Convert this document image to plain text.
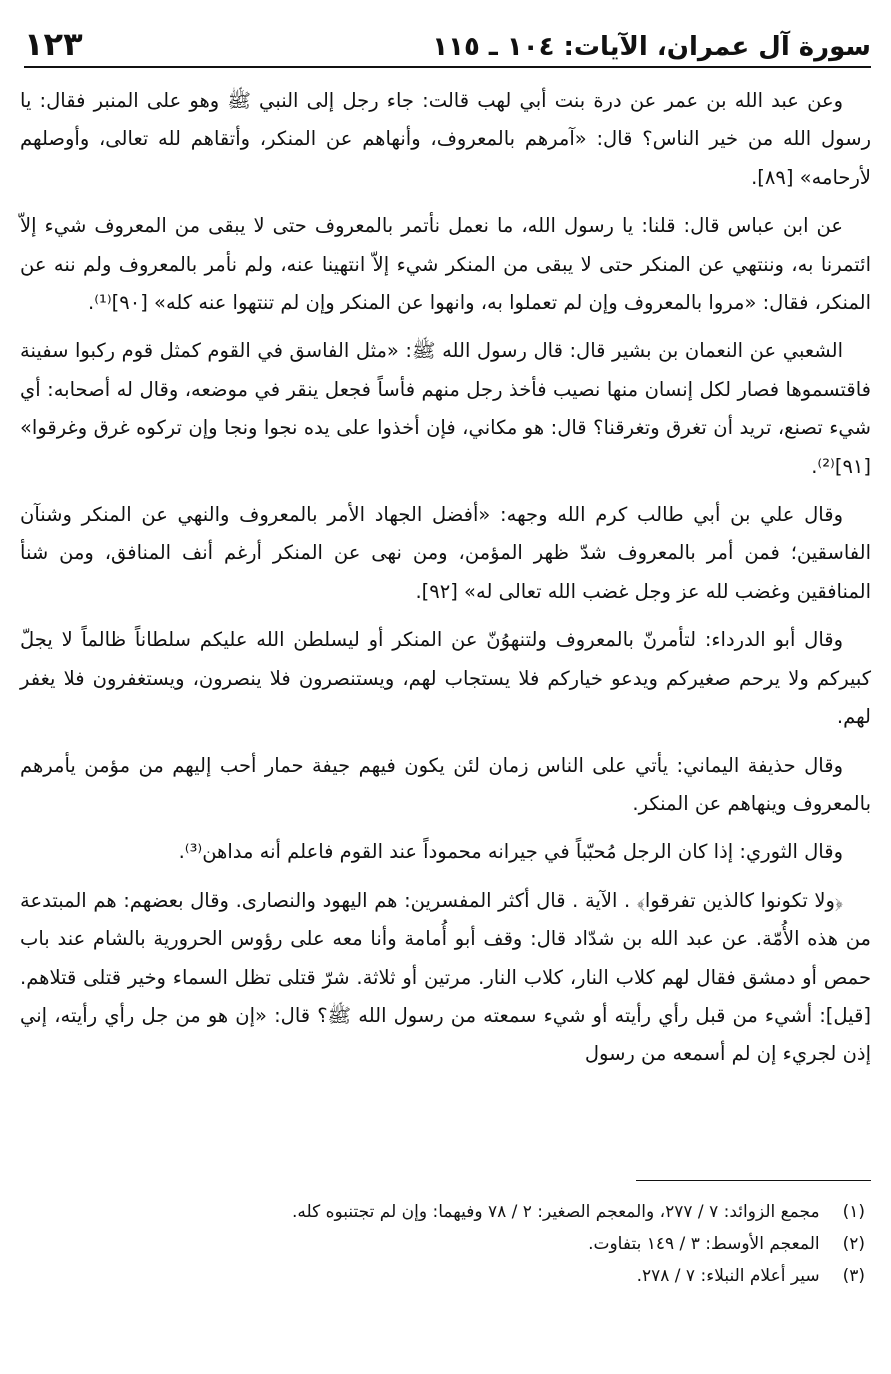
سورة آل عمران، الآيات: ١٠٤ ـ ١١٥
١٢٣

وعن عبد الله بن عمر عن درة بنت أبي لهب قالت: جاء رجل إلى النبي ﷺ وهو على المنبر فقال: يا رسول الله من خير الناس؟ قال: «آمرهم بالمعروف، وأنهاهم عن المنكر، وأتقاهم لله تعالى، وأوصلهم لأرحامه» [٨٩].

عن ابن عباس قال: قلنا: يا رسول الله، ما نعمل نأتمر بالمعروف حتى لا يبقى من المعروف شيء إلاّ ائتمرنا به، وننتهي عن المنكر حتى لا يبقى من المنكر شيء إلاّ انتهينا عنه، ولم نأمر بالمعروف ولم ننه عن المنكر، فقال: «مروا بالمعروف وإن لم تعملوا به، وانهوا عن المنكر وإن لم تنتهوا عنه كله» [٩٠]⁽¹⁾.

الشعبي عن النعمان بن بشير قال: قال رسول الله ﷺ: «مثل الفاسق في القوم كمثل قوم ركبوا سفينة فاقتسموها فصار لكل إنسان منها نصيب فأخذ رجل منهم فأساً فجعل ينقر في موضعه، وقال له أصحابه: أي شيء تصنع، تريد أن تغرق وتغرقنا؟ قال: هو مكاني، فإن أخذوا على يده نجوا ونجا وإن تركوه غرق وغرقوا» [٩١]⁽²⁾.

وقال علي بن أبي طالب كرم الله وجهه: «أفضل الجهاد الأمر بالمعروف والنهي عن المنكر وشنآن الفاسقين؛ فمن أمر بالمعروف شدّ ظهر المؤمن، ومن نهى عن المنكر أرغم أنف المنافق، ومن شنأ المنافقين وغضب لله عز وجل غضب الله تعالى له» [٩٢].

وقال أبو الدرداء: لتأمرنّ بالمعروف ولتنهوُنّ عن المنكر أو ليسلطن الله عليكم سلطاناً ظالماً لا يجلّ كبيركم ولا يرحم صغيركم ويدعو خياركم فلا يستجاب لهم، ويستنصرون فلا ينصرون، ويستغفرون فلا يغفر لهم.

وقال حذيفة اليماني: يأتي على الناس زمان لئن يكون فيهم جيفة حمار أحب إليهم من مؤمن يأمرهم بالمعروف وينهاهم عن المنكر.

وقال الثوري: إذا كان الرجل مُحبّباً في جيرانه محموداً عند القوم فاعلم أنه مداهن⁽³⁾.

﴿ولا تكونوا كالذين تفرقوا﴾ . الآية . قال أكثر المفسرين: هم اليهود والنصارى. وقال بعضهم: هم المبتدعة من هذه الأُمّة. عن عبد الله بن شدّاد قال: وقف أبو أُمامة وأنا معه على رؤوس الحرورية بالشام عند باب حمص أو دمشق فقال لهم كلاب النار، كلاب النار. مرتين أو ثلاثة. شرّ قتلى تظل السماء وخير قتلى قتلاهم. [قيل]: أشيء من قبل رأي رأيته أو شيء سمعته من رسول الله ﷺ؟ قال: «إن هو من جل رأي رأيته، إني إذن لجريء إن لم أسمعه من رسول

(١) مجمع الزوائد: ٧ / ٢٧٧، والمعجم الصغير: ٢ / ٧٨ وفيهما: وإن لم تجتنبوه كله.

(٢) المعجم الأوسط: ٣ / ١٤٩ بتفاوت.

(٣) سير أعلام النبلاء: ٧ / ٢٧٨.
